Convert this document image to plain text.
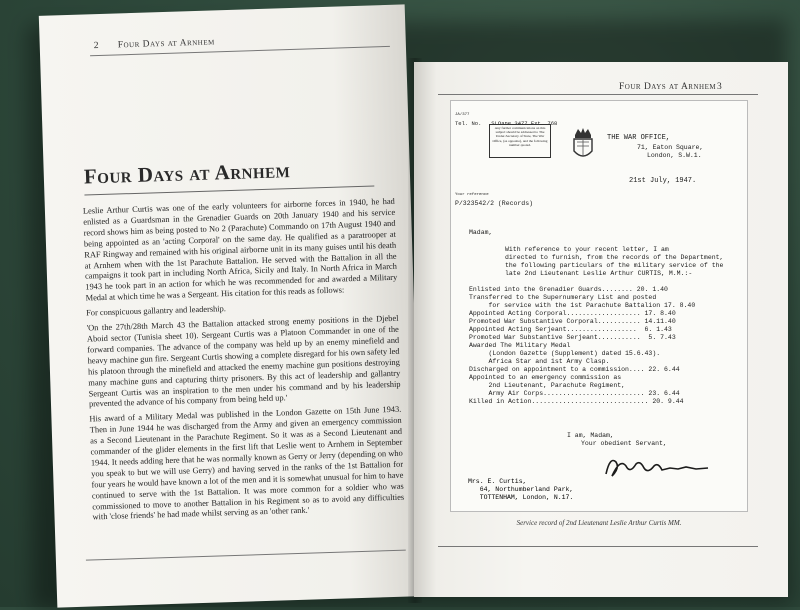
2 Four Days at Arnhem
Four Days at Arnhem

Leslie Arthur Curtis was one of the early volunteers for airborne forces in 1940, he had enlisted as a Guardsman in the Grenadier Guards on 20th January 1940 and his service record shows him as being posted to No 2 (Parachute) Commando on 17th August 1940 and being appointed as an 'acting Corporal' on the same day. He qualified as a paratrooper at RAF Ringway and remained with his original airborne unit in its many guises until his death at Arnhem when with the 1st Parachute Battalion. He served with the Battalion in all the campaigns it took part in including North Africa, Sicily and Italy. In North Africa in March 1943 he took part in an action for which he was recommended for and awarded a Military Medal at which time he was a Sergeant. His citation for this reads as follows:

For conspicuous gallantry and leadership.

'On the 27th/28th March 43 the Battalion attacked strong enemy positions in the Djebel Aboid sector (Tunisia sheet 10). Sergeant Curtis was a Platoon Commander in one of the forward companies. The advance of the company was held up by an enemy minefield and heavy machine gun fire. Sergeant Curtis showing a complete disregard for his own safety led his platoon through the minefield and attacked the enemy machine gun positions destroying many machine guns and capturing thirty prisoners. By this act of leadership and gallantry Sergeant Curtis was an inspiration to the men under his command and by his leadership prevented the advance of his company from being held up.'

His award of a Military Medal was published in the London Gazette on 15th June 1943. Then in June 1944 he was discharged from the Army and given an emergency commission as a Second Lieutenant in the Parachute Regiment. So it was as a Second Lieutenant and commander of the glider elements in the first lift that Leslie went to Arnhem in September 1944. It needs adding here that he was normally known as Gerry or Jerry (depending on who you speak to but we will use Gerry) and having served in the ranks of the 1st Battalion for four years he would have known a lot of the men and it is somewhat unusual for him to have continued to serve with the 1st Battalion. It was more common for a soldier who was commissioned to move to another Battalion in his Regiment so as to avoid any difficulties with 'close friends' he had made whilst serving as an 'other rank.'

Four Days at Arnhem 3
JA/377
Tel. No.   SLOane 3477 Ext. 768
Any further communications on this subject should be addressed to The Under-Secretary of State, The War Office, (as opposite), and the following number quoted.
THE WAR OFFICE,
71, Eaton Square,
London, S.W.1.
Your reference
21st July, 1947.
P/323542/2 (Records)
Madam,
With reference to your recent letter, I am
directed to furnish, from the records of the Department,
the following particulars of the military service of the
late 2nd Lieutenant Leslie Arthur CURTIS, M.M.:-
Enlisted into the Grenadier Guards........ 20. 1.40
Transferred to the Supernumerary List and posted
for service with the 1st Parachute Battalion 17. 8.40
Appointed Acting Corporal................... 17. 8.40
Promoted War Substantive Corporal........... 14.11.40
Appointed Acting Serjeant..................  6. 1.43
Promoted War Substantive Serjeant...........  5. 7.43
Awarded The Military Medal
(London Gazette (Supplement) dated 15.6.43).
Africa Star and 1st Army Clasp.
Discharged on appointment to a commission.... 22. 6.44
Appointed to an emergency commission as
2nd Lieutenant, Parachute Regiment,
Army Air Corps.......................... 23. 6.44
Killed in Action.............................. 20. 9.44
I am, Madam,
Your obedient Servant,
Mrs. E. Curtis,
64, Northumberland Park,
TOTTENHAM, London, N.17.
Service record of 2nd Lieutenant Leslie Arthur Curtis MM.
